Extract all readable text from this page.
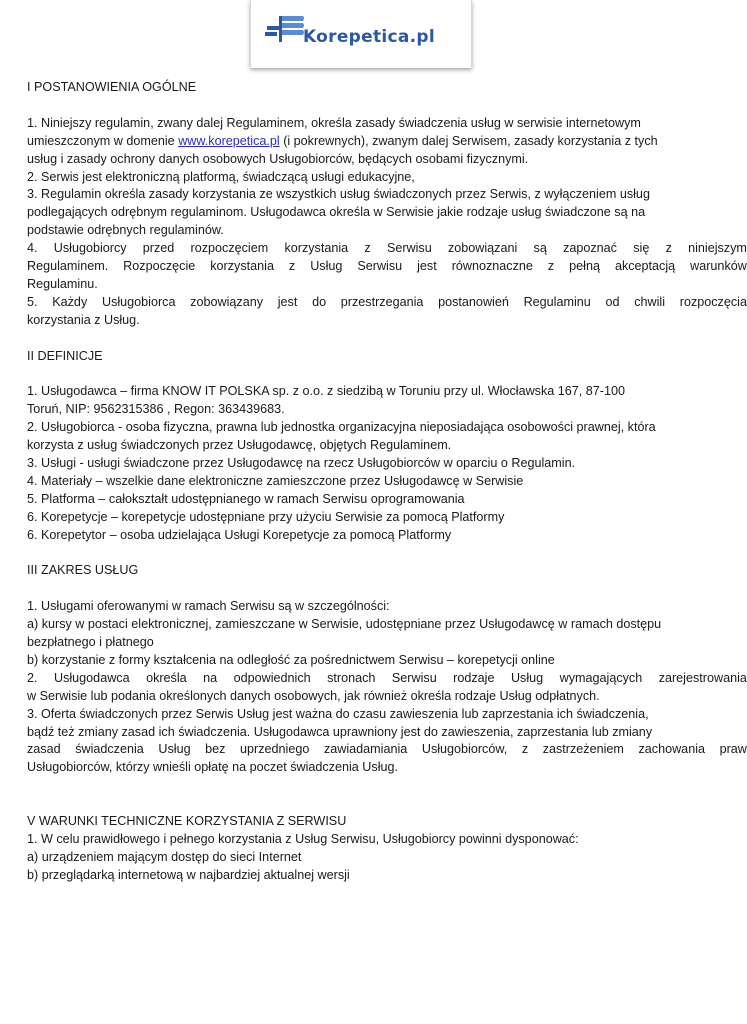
Korepetica.pl

I POSTANOWIENIA OGÓLNE

1. Niniejszy regulamin, zwany dalej Regulaminem, określa zasady świadczenia usług w serwisie internetowym

umieszczonym w domenie www.korepetica.pl (i pokrewnych), zwanym dalej Serwisem, zasady korzystania z tych

usług i zasady ochrony danych osobowych Usługobiorców, będących osobami fizycznymi.

2. Serwis jest elektroniczną platformą, świadczącą usługi edukacyjne,

3. Regulamin określa zasady korzystania ze wszystkich usług świadczonych przez Serwis, z wyłączeniem usług

podlegających odrębnym regulaminom. Usługodawca określa w Serwisie jakie rodzaje usług świadczone są na

podstawie odrębnych regulaminów.

4. Usługobiorcy przed rozpoczęciem korzystania z Serwisu zobowiązani są zapoznać się z niniejszym

Regulaminem. Rozpoczęcie korzystania z Usług Serwisu jest równoznaczne z pełną akceptacją warunków

Regulaminu.

5. Każdy Usługobiorca zobowiązany jest do przestrzegania postanowień Regulaminu od chwili rozpoczęcia

korzystania z Usług.

II DEFINICJE

1. Usługodawca – firma KNOW IT POLSKA sp. z o.o. z siedzibą w Toruniu przy ul. Włocławska 167, 87-100

Toruń, NIP: 9562315386 , Regon: 363439683.

2. Usługobiorca - osoba fizyczna, prawna lub jednostka organizacyjna nieposiadająca osobowości prawnej, która

korzysta z usług świadczonych przez Usługodawcę, objętych Regulaminem.

3. Usługi - usługi świadczone przez Usługodawcę na rzecz Usługobiorców w oparciu o Regulamin.

4. Materiały – wszelkie dane elektroniczne zamieszczone przez Usługodawcę w Serwisie

5. Platforma – całokształt udostępnianego w ramach Serwisu oprogramowania

6. Korepetycje – korepetycje udostępniane przy użyciu Serwisie za pomocą Platformy

6. Korepetytor – osoba udzielająca Usługi Korepetycje za pomocą Platformy

III ZAKRES USŁUG

1. Usługami oferowanymi w ramach Serwisu są w szczególności:

a) kursy w postaci elektronicznej, zamieszczane w Serwisie, udostępniane przez Usługodawcę w ramach dostępu

bezpłatnego i płatnego

b) korzystanie z formy kształcenia na odległość za pośrednictwem Serwisu – korepetycji online

2. Usługodawca określa na odpowiednich stronach Serwisu rodzaje Usług wymagających zarejestrowania

w Serwisie lub podania określonych danych osobowych, jak również określa rodzaje Usług odpłatnych.

3. Oferta świadczonych przez Serwis Usług jest ważna do czasu zawieszenia lub zaprzestania ich świadczenia,

bądź też zmiany zasad ich świadczenia. Usługodawca uprawniony jest do zawieszenia, zaprzestania lub zmiany

zasad świadczenia Usług bez uprzedniego zawiadamiania Usługobiorców, z zastrzeżeniem zachowania praw

Usługobiorców, którzy wnieśli opłatę na poczet świadczenia Usług.

V WARUNKI TECHNICZNE KORZYSTANIA Z SERWISU

1. W celu prawidłowego i pełnego korzystania z Usług Serwisu, Usługobiorcy powinni dysponować:

a) urządzeniem mającym dostęp do sieci Internet

b) przeglądarką internetową w najbardziej aktualnej wersji
